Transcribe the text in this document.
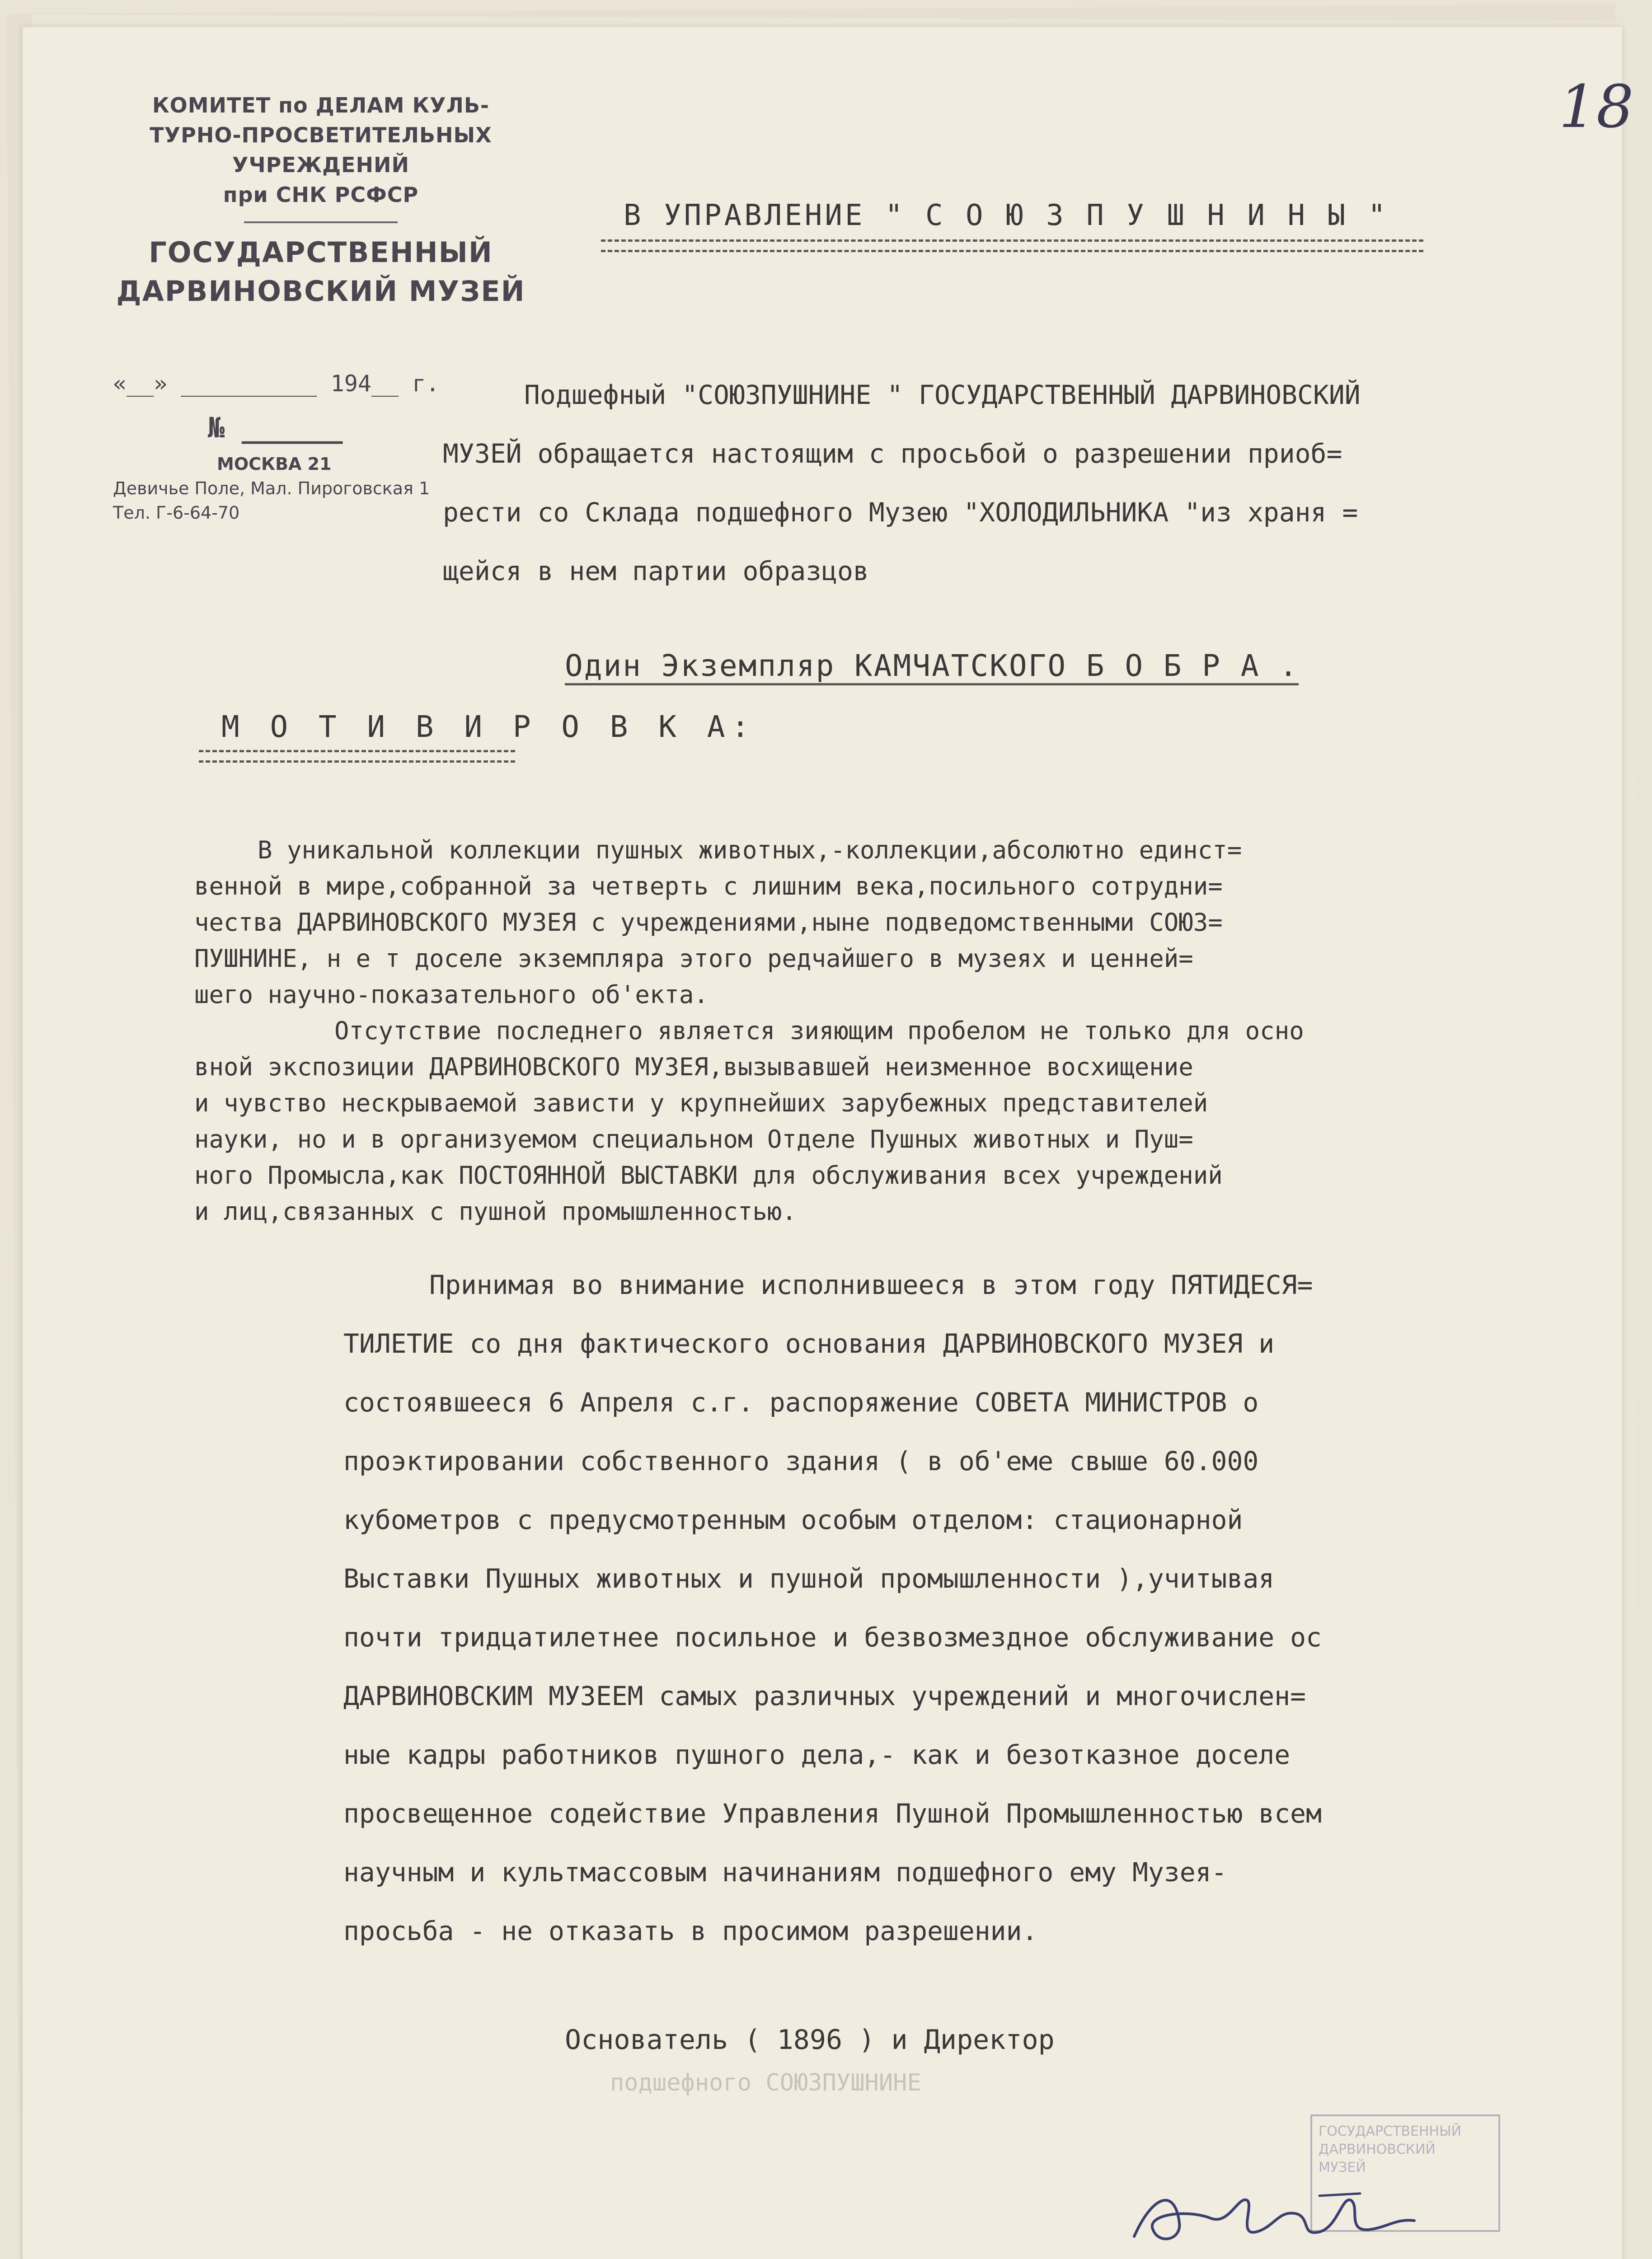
КОМИТЕТ по ДЕЛАМ КУЛЬ-
ТУРНО-ПРОСВЕТИТЕЛЬНЫХ
УЧРЕЖДЕНИЙ
при СНК РСФСР
ГОСУДАРСТВЕННЫЙ
ДАРВИНОВСКИЙ МУЗЕЙ
«__» __________ 194__ г.
№ ______
МОСКВА 21
Девичье Поле, Мал. Пироговская 1
Тел. Г-6-64-70
18
В УПРАВЛЕНИЕ " С О Ю З П У Ш Н И Н Ы "
Подшефный "СОЮЗПУШНИНЕ " ГОСУДАРСТВЕННЫЙ ДАРВИНОВСКИЙ
МУЗЕЙ обращается настоящим с просьбой о разрешении приоб=
рести со Склада подшефного Музею "ХОЛОДИЛЬНИКА "из храня =
щейся в нем партии образцов
Один Экземпляр КАМЧАТСКОГО Б О Б Р А .
М О Т И В И Р О В К А:
В уникальной коллекции пушных животных,-коллекции,абсолютно единст=
венной в мире,собранной за четверть с лишним века,посильного сотрудни=
чества ДАРВИНОВСКОГО МУЗЕЯ с учреждениями,ныне подведомственными СОЮЗ=
ПУШНИНЕ, н е т доселе экземпляра этого редчайшего в музеях и ценней=
шего научно-показательного об'екта.
Отсутствие последнего является зияющим пробелом не только для осно
вной экспозиции ДАРВИНОВСКОГО МУЗЕЯ,вызывавшей неизменное восхищение
и чувство нескрываемой зависти у крупнейших зарубежных представителей
науки, но и в организуемом специальном Отделе Пушных животных и Пуш=
ного Промысла,как ПОСТОЯННОЙ ВЫСТАВКИ для обслуживания всех учреждений
и лиц,связанных с пушной промышленностью.
Принимая во внимание исполнившееся в этом году ПЯТИДЕСЯ=
ТИЛЕТИЕ со дня фактического основания ДАРВИНОВСКОГО МУЗЕЯ и
состоявшееся 6 Апреля с.г. распоряжение СОВЕТА МИНИСТРОВ о
проэктировании собственного здания ( в об'еме свыше 60.000
кубометров с предусмотренным особым отделом: стационарной
Выставки Пушных животных и пушной промышленности ),учитывая
почти тридцатилетнее посильное и безвозмездное обслуживание ос
ДАРВИНОВСКИМ МУЗЕЕМ самых различных учреждений и многочислен=
ные кадры работников пушного дела,- как и безотказное доселе
просвещенное содействие Управления Пушной Промышленностью всем
научным и культмассовым начинаниям подшефного ему Музея-
просьба - не отказать в просимом разрешении.
Основатель ( 1896 ) и Директор
подшефного СОЮЗПУШНИНЕ
ГОСУДАРСТВЕННЫЙ
ДАРВИНОВСКИЙ
МУЗЕЙ
